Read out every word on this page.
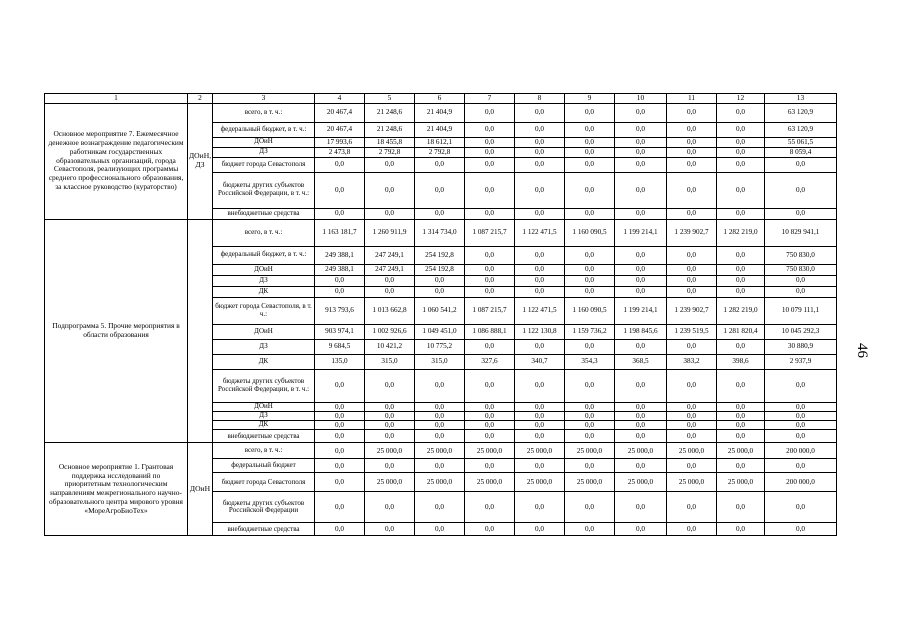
1	2	3	4	5	6	7	8	9	10	11	12	13
Основное мероприятие 7. Ежемесячное денежное вознаграждение педагогическим работникам государственных образовательных организаций, города Севастополя, реализующих программы среднего профессионального образования, за классное руководство (кураторство)	ДОиН, ДЗ	всего, в т. ч.:	20 467,4	21 248,6	21 404,9	0,0	0,0	0,0	0,0	0,0	0,0	63 120,9
		федеральный бюджет, в т. ч.:	20 467,4	21 248,6	21 404,9	0,0	0,0	0,0	0,0	0,0	0,0	63 120,9
		ДОиН	17 993,6	18 455,8	18 612,1	0,0	0,0	0,0	0,0	0,0	0,0	55 061,5
		ДЗ	2 473,8	2 792,8	2 792,8	0,0	0,0	0,0	0,0	0,0	0,0	8 059,4
		бюджет города Севастополя	0,0	0,0	0,0	0,0	0,0	0,0	0,0	0,0	0,0	0,0
		бюджеты других субъектов Российской Федерации, в т. ч.:	0,0	0,0	0,0	0,0	0,0	0,0	0,0	0,0	0,0	0,0
		внебюджетные средства	0,0	0,0	0,0	0,0	0,0	0,0	0,0	0,0	0,0	0,0
Подпрограмма 5. Прочие мероприятия в области образования		всего, в т. ч.:	1 163 181,7	1 260 911,9	1 314 734,0	1 087 215,7	1 122 471,5	1 160 090,5	1 199 214,1	1 239 902,7	1 282 219,0	10 829 941,1
		федеральный бюджет, в т. ч.:	249 388,1	247 249,1	254 192,8	0,0	0,0	0,0	0,0	0,0	0,0	750 830,0
		ДОиН	249 388,1	247 249,1	254 192,8	0,0	0,0	0,0	0,0	0,0	0,0	750 830,0
		ДЗ	0,0	0,0	0,0	0,0	0,0	0,0	0,0	0,0	0,0	0,0
		ДК	0,0	0,0	0,0	0,0	0,0	0,0	0,0	0,0	0,0	0,0
		бюджет города Севастополя, в т. ч.:	913 793,6	1 013 662,8	1 060 541,2	1 087 215,7	1 122 471,5	1 160 090,5	1 199 214,1	1 239 902,7	1 282 219,0	10 079 111,1
		ДОиН	903 974,1	1 002 926,6	1 049 451,0	1 086 888,1	1 122 130,8	1 159 736,2	1 198 845,6	1 239 519,5	1 281 820,4	10 045 292,3
		ДЗ	9 684,5	10 421,2	10 775,2	0,0	0,0	0,0	0,0	0,0	0,0	30 880,9
		ДК	135,0	315,0	315,0	327,6	340,7	354,3	368,5	383,2	398,6	2 937,9
		бюджеты других субъектов Российской Федерации, в т. ч.:	0,0	0,0	0,0	0,0	0,0	0,0	0,0	0,0	0,0	0,0
		ДОиН	0,0	0,0	0,0	0,0	0,0	0,0	0,0	0,0	0,0	0,0
		ДЗ	0,0	0,0	0,0	0,0	0,0	0,0	0,0	0,0	0,0	0,0
		ДК	0,0	0,0	0,0	0,0	0,0	0,0	0,0	0,0	0,0	0,0
		внебюджетные средства	0,0	0,0	0,0	0,0	0,0	0,0	0,0	0,0	0,0	0,0
Основное мероприятие 1. Грантовая поддержка исследований по приоритетным технологическим направлениям межрегионального научно-образовательного центра мирового уровня «МореАгроБиоТех»	ДОиН	всего, в т. ч.:	0,0	25 000,0	25 000,0	25 000,0	25 000,0	25 000,0	25 000,0	25 000,0	25 000,0	200 000,0
		федеральный бюджет	0,0	0,0	0,0	0,0	0,0	0,0	0,0	0,0	0,0	0,0
		бюджет города Севастополя	0,0	25 000,0	25 000,0	25 000,0	25 000,0	25 000,0	25 000,0	25 000,0	25 000,0	200 000,0
		бюджеты других субъектов Российской Федерации	0,0	0,0	0,0	0,0	0,0	0,0	0,0	0,0	0,0	0,0
		внебюджетные средства	0,0	0,0	0,0	0,0	0,0	0,0	0,0	0,0	0,0	0,0
46
